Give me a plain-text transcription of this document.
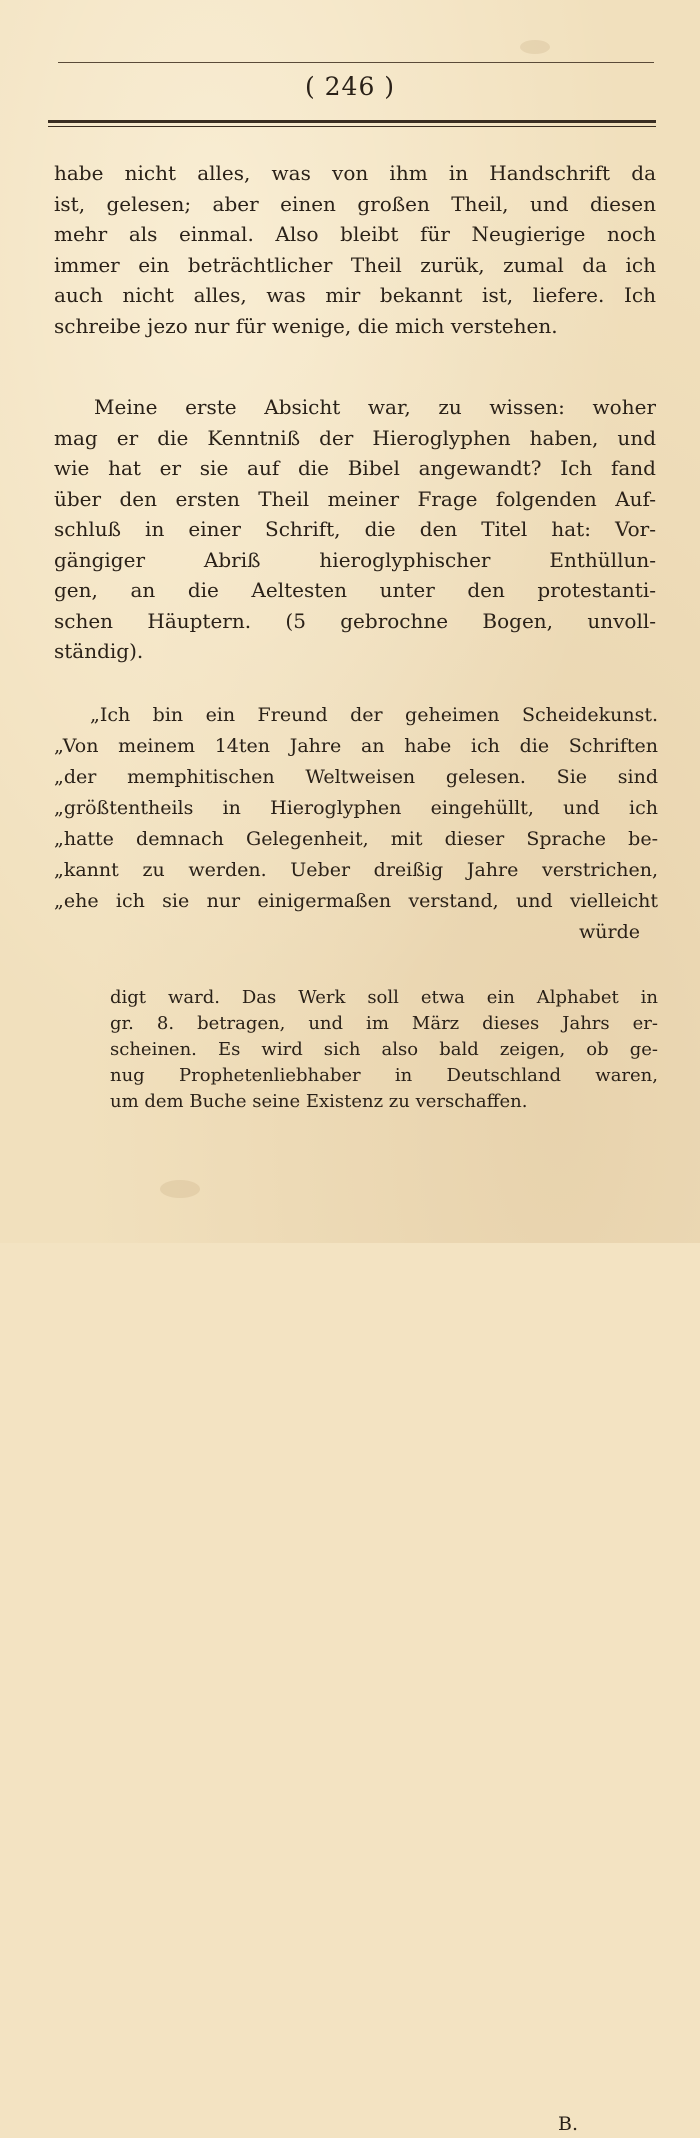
( 246 )
habe nicht alles, was von ihm in Handschrift da
ist, gelesen; aber einen großen Theil, und diesen
mehr als einmal. Also bleibt für Neugierige noch
immer ein beträchtlicher Theil zurük, zumal da ich
auch nicht alles, was mir bekannt ist, liefere. Ich
schreibe jezo nur für wenige, die mich verstehen.
Meine erste Absicht war, zu wissen: woher
mag er die Kenntniß der Hieroglyphen haben, und
wie hat er sie auf die Bibel angewandt? Ich fand
über den ersten Theil meiner Frage folgenden Auf-
schluß in einer Schrift, die den Titel hat: Vor-
gängiger Abriß hieroglyphischer Enthüllun-
gen, an die Aeltesten unter den protestanti-
schen Häuptern. (5 gebrochne Bogen, unvoll-
ständig).
„Ich bin ein Freund der geheimen Scheidekunst.
„Von meinem 14ten Jahre an habe ich die Schriften
„der memphitischen Weltweisen gelesen. Sie sind
„größtentheils in Hieroglyphen eingehüllt, und ich
„hatte demnach Gelegenheit, mit dieser Sprache be-
„kannt zu werden. Ueber dreißig Jahre verstrichen,
„ehe ich sie nur einigermaßen verstand, und vielleicht
würde
digt ward. Das Werk soll etwa ein Alphabet in
gr. 8. betragen, und im März dieses Jahrs er-
scheinen. Es wird sich also bald zeigen, ob ge-
nug Prophetenliebhaber in Deutschland waren,
um dem Buche seine Existenz zu verschaffen.
B.
